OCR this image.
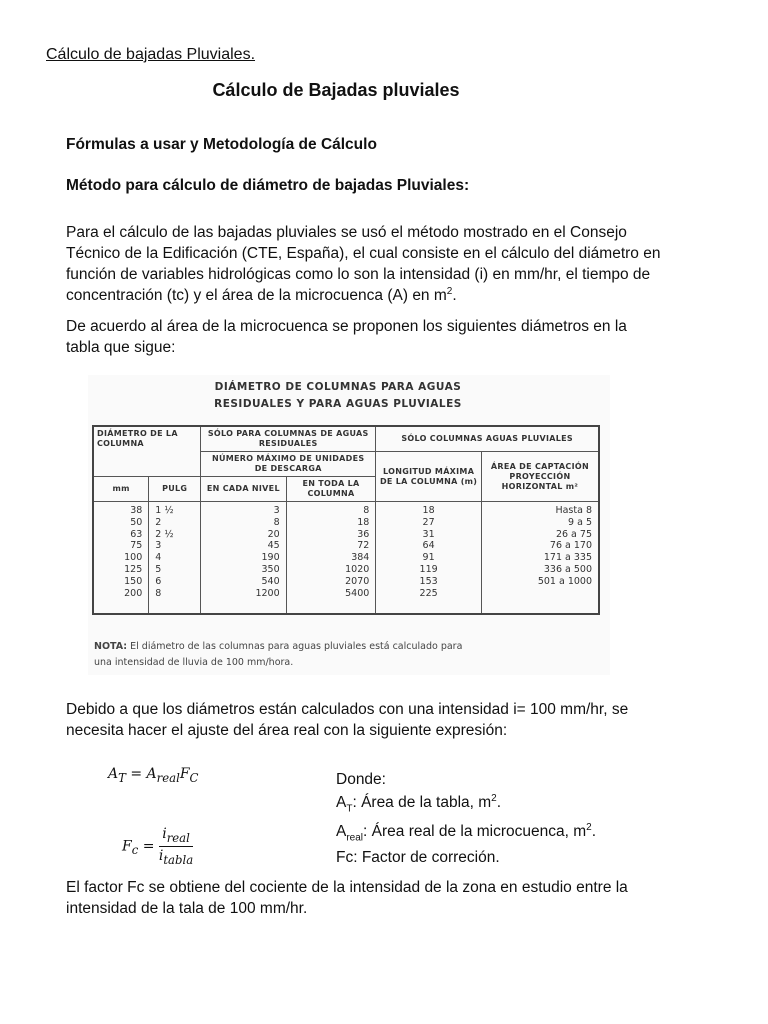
Cálculo de bajadas Pluviales.
Cálculo de Bajadas pluviales
Fórmulas a usar y Metodología de Cálculo
Método para cálculo de diámetro de bajadas Pluviales:
Para el cálculo de las bajadas pluviales se usó el método mostrado en el Consejo
Técnico de la Edificación (CTE, España), el cual consiste en el cálculo del diámetro en
función de variables hidrológicas como lo son la intensidad (i) en mm/hr, el tiempo de
concentración (tc) y el área de la microcuenca (A) en $m^2$.
De acuerdo al área de la microcuenca se proponen los siguientes diámetros en la
tabla que sigue:
DIÁMETRO DE COLUMNAS PARA AGUAS
RESIDUALES Y PARA AGUAS PLUVIALES
DIÁMETRO DE LA COLUMNA		SÓLO PARA COLUMNAS DE AGUAS RESIDUALES		SÓLO COLUMNAS AGUAS PLUVIALES	
		NÚMERO MÁXIMO DE UNIDADES DE DESCARGA		LONGITUD MÁXIMA DE LA COLUMNA (m)	ÁREA DE CAPTACIÓN PROYECCIÓN HORIZONTAL m²
mm	PULG	EN CADA NIVEL	EN TODA LA COLUMNA		
38	1 ½	3	8	18	Hasta 8
50	2	8	18	27	9 a 5
63	2 ½	20	36	31	26 a 75
75	3	45	72	64	76 a 170
100	4	190	384	91	171 a 335
125	5	350	1020	119	336 a 500
150	6	540	2070	153	501 a 1000
200	8	1200	5400	225	
NOTA: El diámetro de las columnas para aguas pluviales está calculado para
una intensidad de lluvia de 100 mm/hora.
Debido a que los diámetros están calculados con una intensidad i= 100 mm/hr, se
necesita hacer el ajuste del área real con la siguiente expresión:
$A_T = A_{real}F_C$
$F_c = \frac{i_{real}}{i_{tabla}}$
Donde:
$A_T$: Área de la tabla, $m^2$.
$A_{real}$: Área real de la microcuenca, $m^2$.
Fc: Factor de correción.
El factor Fc se obtiene del cociente de la intensidad de la zona en estudio entre la
intensidad de la tala de 100 mm/hr.
